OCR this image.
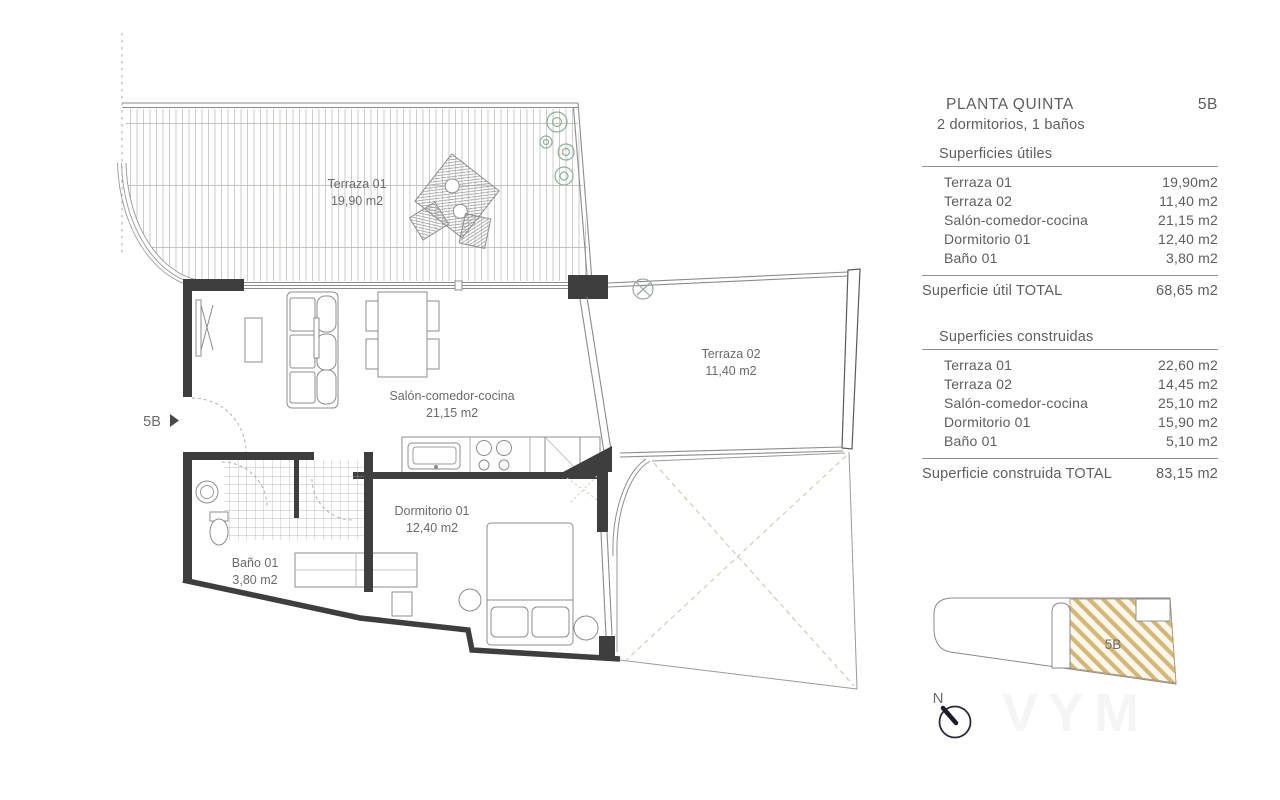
Terraza 01
19,90 m2
Salón-comedor-cocina
21,15 m2
5B
Terraza 02
11,40 m2
Dormitorio 01
12,40 m2
Baño 01
3,80 m2
5B
N
PLANTA QUINTA	5B
2 dormitorios, 1 baños
Superficies útiles
Terraza 01	19,90m2
Terraza 02	11,40 m2
Salón-comedor-cocina	21,15 m2
Dormitorio 01	12,40 m2
Baño 01	3,80 m2
Superficie útil TOTAL	68,65 m2
Superficies construidas
Terraza 01	22,60 m2
Terraza 02	14,45 m2
Salón-comedor-cocina	25,10 m2
Dormitorio 01	15,90 m2
Baño 01	5,10 m2
Superficie construida TOTAL	83,15 m2
VYM
